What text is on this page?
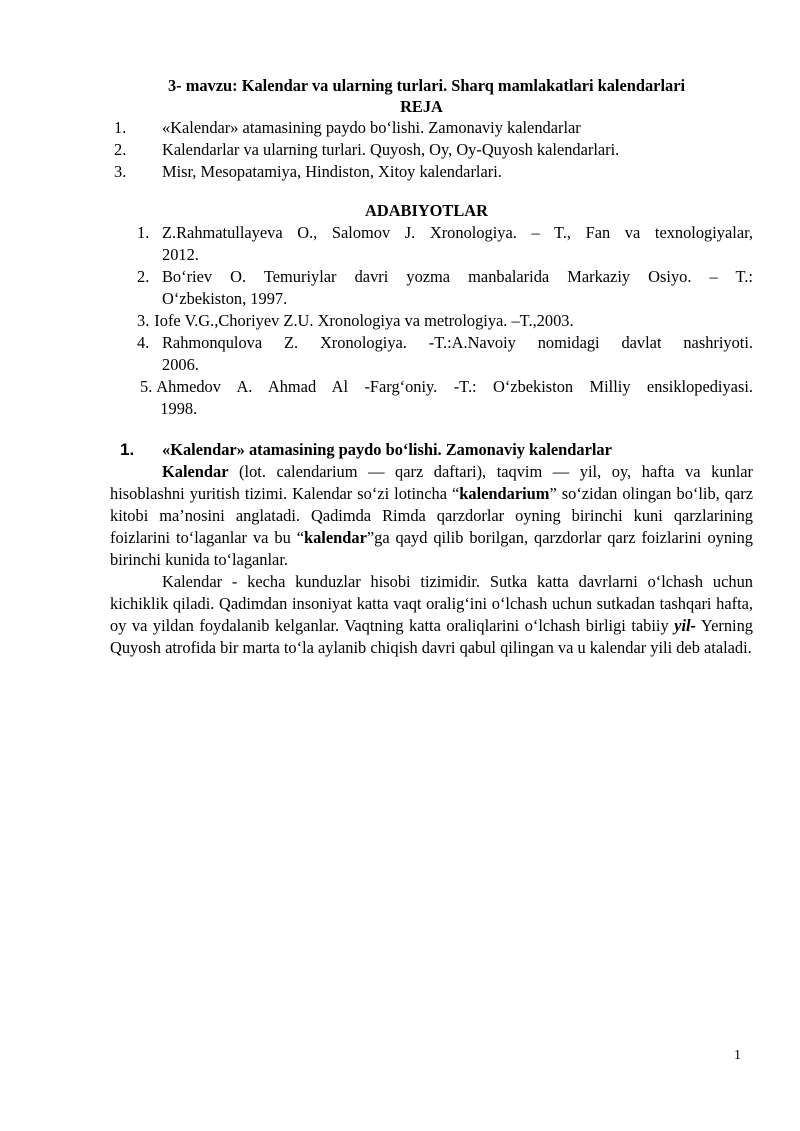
3- mavzu: Kalendar va ularning turlari. Sharq mamlakatlari kalendarlari
REJA
1.	«Kalendar» atamasining paydo bo‘lishi. Zamonaviy kalendarlar
2.	Kalendarlar va ularning turlari. Quyosh, Oy, Oy-Quyosh kalendarlari.
3.	Misr, Mesopatamiya, Hindiston, Xitoy kalendarlari.
ADABIYOTLAR
1. Z.Rahmatullayeva O., Salomov J. Xronologiya. – T., Fan va texnologiyalar,
2012.
2. Bo‘riev O. Temuriylar davri yozma manbalarida Markaziy Osiyo. – T.:
O‘zbekiston, 1997.
3. Iofe V.G.,Choriyev Z.U. Xronologiya va metrologiya. –T.,2003.
4. Rahmonqulova Z. Xronologiya. -T.:A.Navoiy nomidagi davlat nashriyoti.
2006.
5. Ahmedov A. Ahmad Al -Farg‘oniy. -T.: O‘zbekiston Milliy ensiklopediyasi.
1998.
1.	«Kalendar» atamasining paydo bo‘lishi. Zamonaviy kalendarlar

Kalendar (lot. calendarium — qarz daftari), taqvim — yil, oy, hafta va kunlar hisoblashni yuritish tizimi. Kalendar so‘zi lotincha “kalendarium” so‘zidan olingan bo‘lib, qarz kitobi ma’nosini anglatadi. Qadimda Rimda qarzdorlar oyning birinchi kuni qarzlarining foizlarini to‘laganlar va bu “kalendar”ga qayd qilib borilgan, qarzdorlar qarz foizlarini oyning birinchi kunida to‘laganlar.

Kalendar - kecha kunduzlar hisobi tizimidir. Sutka katta davrlarni o‘lchash uchun kichiklik qiladi. Qadimdan insoniyat katta vaqt oralig‘ini o‘lchash uchun sutkadan tashqari hafta, oy va yildan foydalanib kelganlar. Vaqtning katta oraliqlarini o‘lchash birligi tabiiy yil- Yerning Quyosh atrofida bir marta to‘la aylanib chiqish davri qabul qilingan va u kalendar yili deb ataladi.

1
